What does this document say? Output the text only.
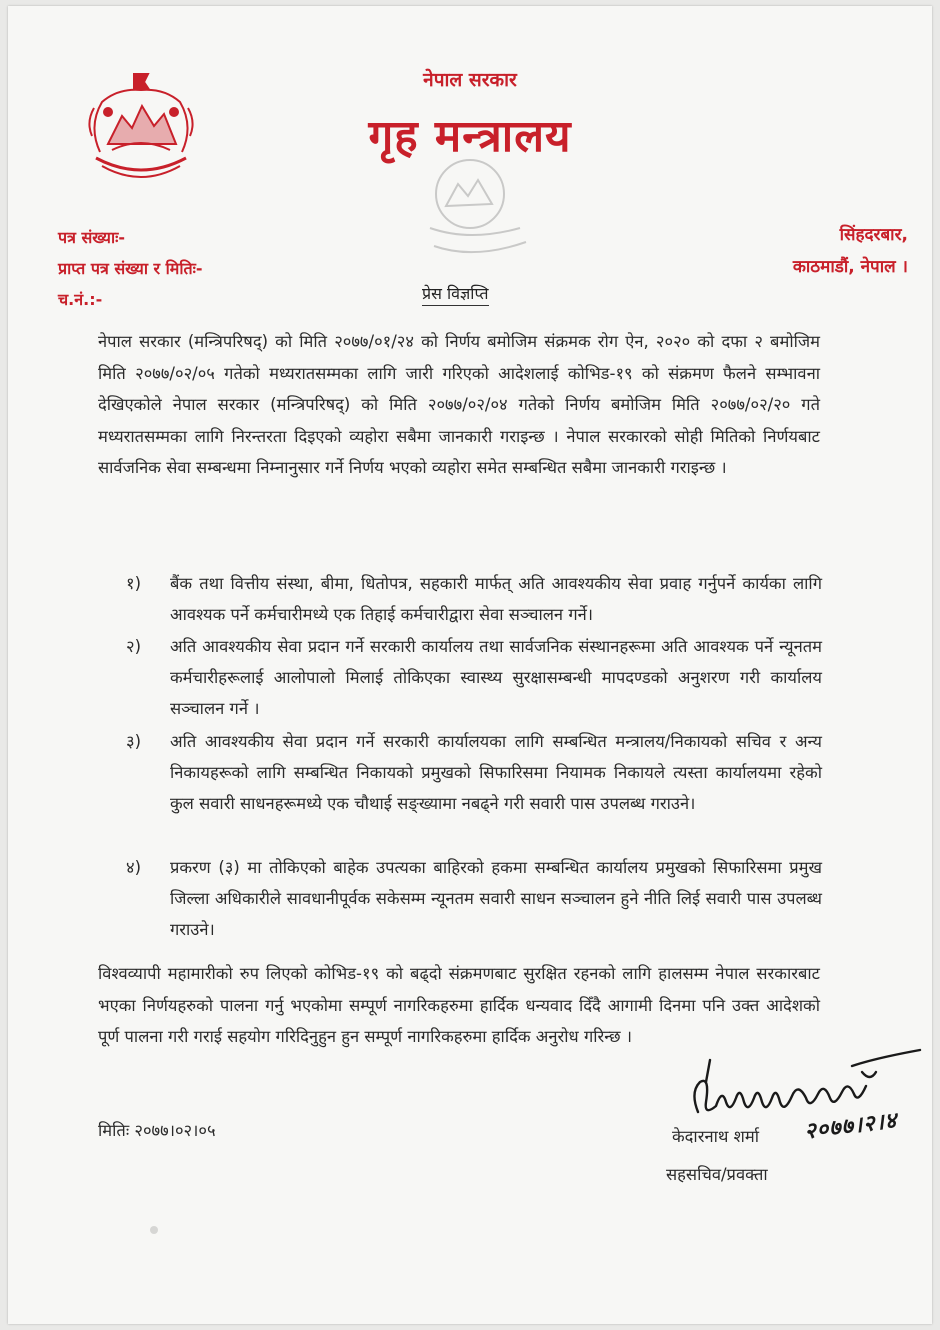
नेपाल सरकार
गृह मन्त्रालय
पत्र संख्याः-
प्राप्त पत्र संख्या र मितिः-
च.नं.:-
सिंहदरबार,
काठमाडौं, नेपाल ।
प्रेस विज्ञप्ति
नेपाल सरकार (मन्त्रिपरिषद्) को मिति २०७७/०१/२४ को निर्णय बमोजिम संक्रमक रोग ऐन, २०२० को दफा २ बमोजिम मिति २०७७/०२/०५ गतेको मध्यरातसम्मका लागि जारी गरिएको आदेशलाई कोभिड-१९ को संक्रमण फैलने सम्भावना देखिएकोले नेपाल सरकार (मन्त्रिपरिषद्) को मिति २०७७/०२/०४ गतेको निर्णय बमोजिम मिति २०७७/०२/२० गते मध्यरातसम्मका लागि निरन्तरता दिइएको व्यहोरा सबैमा जानकारी गराइन्छ । नेपाल सरकारको सोही मितिको निर्णयबाट सार्वजनिक सेवा सम्बन्धमा निम्नानुसार गर्ने निर्णय भएको व्यहोरा समेत सम्बन्धित सबैमा जानकारी गराइन्छ ।
१)	बैंक तथा वित्तीय संस्था, बीमा, धितोपत्र, सहकारी मार्फत् अति आवश्यकीय सेवा प्रवाह गर्नुपर्ने कार्यका लागि आवश्यक पर्ने कर्मचारीमध्ये एक तिहाई कर्मचारीद्वारा सेवा सञ्चालन गर्ने।
२)	अति आवश्यकीय सेवा प्रदान गर्ने सरकारी कार्यालय तथा सार्वजनिक संस्थानहरूमा अति आवश्यक पर्ने न्यूनतम कर्मचारीहरूलाई आलोपालो मिलाई तोकिएका स्वास्थ्य सुरक्षासम्बन्धी मापदण्डको अनुशरण गरी कार्यालय सञ्चालन गर्ने ।
३)	अति आवश्यकीय सेवा प्रदान गर्ने सरकारी कार्यालयका लागि सम्बन्धित मन्त्रालय/निकायको सचिव र अन्य निकायहरूको लागि सम्बन्धित निकायको प्रमुखको सिफारिसमा नियामक निकायले त्यस्ता कार्यालयमा रहेको कुल सवारी साधनहरूमध्ये एक चौथाई सङ्ख्यामा नबढ्ने गरी सवारी पास उपलब्ध गराउने।
४)	प्रकरण (३) मा तोकिएको बाहेक उपत्यका बाहिरको हकमा सम्बन्धित कार्यालय प्रमुखको सिफारिसमा प्रमुख जिल्ला अधिकारीले सावधानीपूर्वक सकेसम्म न्यूनतम सवारी साधन सञ्चालन हुने नीति लिई सवारी पास उपलब्ध गराउने।
विश्वव्यापी महामारीको रुप लिएको कोभिड-१९ को बढ्दो संक्रमणबाट सुरक्षित रहनको लागि हालसम्म नेपाल सरकारबाट भएका निर्णयहरुको पालना गर्नु भएकोमा सम्पूर्ण नागरिकहरुमा हार्दिक धन्यवाद दिँदै आगामी दिनमा पनि उक्त आदेशको पूर्ण पालना गरी गराई सहयोग गरिदिनुहुन हुन सम्पूर्ण नागरिकहरुमा हार्दिक अनुरोध गरिन्छ ।
मितिः २०७७।०२।०५	२०७७।२।४
केदारनाथ शर्मा
सहसचिव/प्रवक्ता
